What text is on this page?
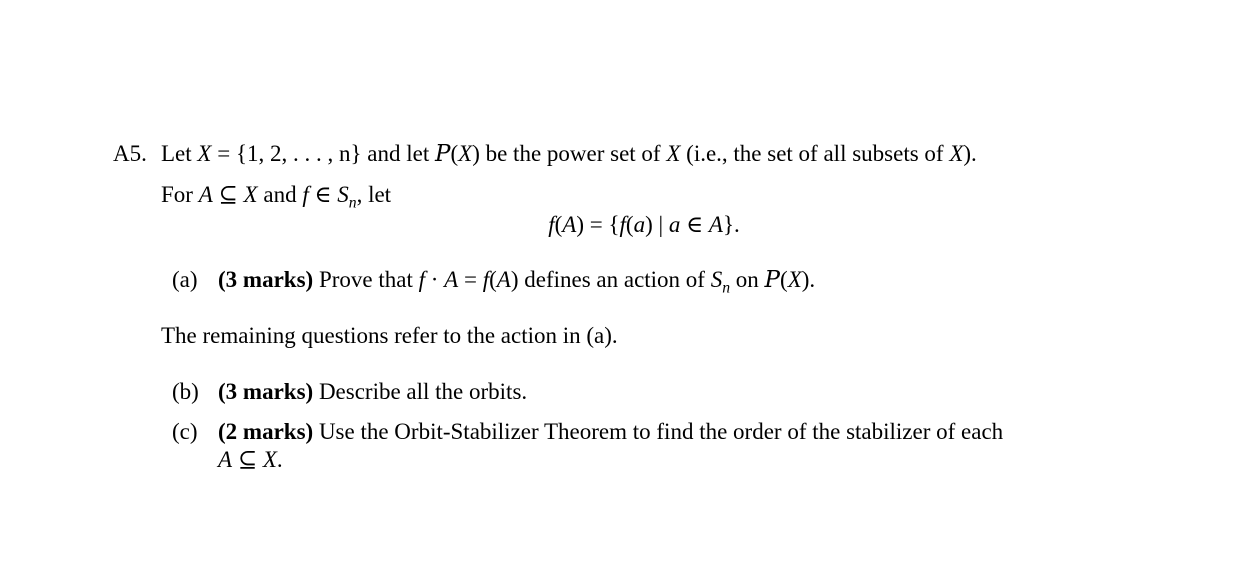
A5. Let X = {1, 2, . . . , n} and let P(X) be the power set of X (i.e., the set of all subsets of X).
For A ⊆ X and f ∈ $S_n$, let
f(A) = {f(a) | a ∈ A}.
(a) (3 marks) Prove that f · A = f(A) defines an action of $S_n$ on P(X).
The remaining questions refer to the action in (a).
(b) (3 marks) Describe all the orbits.
(c) (2 marks) Use the Orbit-Stabilizer Theorem to find the order of the stabilizer of each
A ⊆ X.
